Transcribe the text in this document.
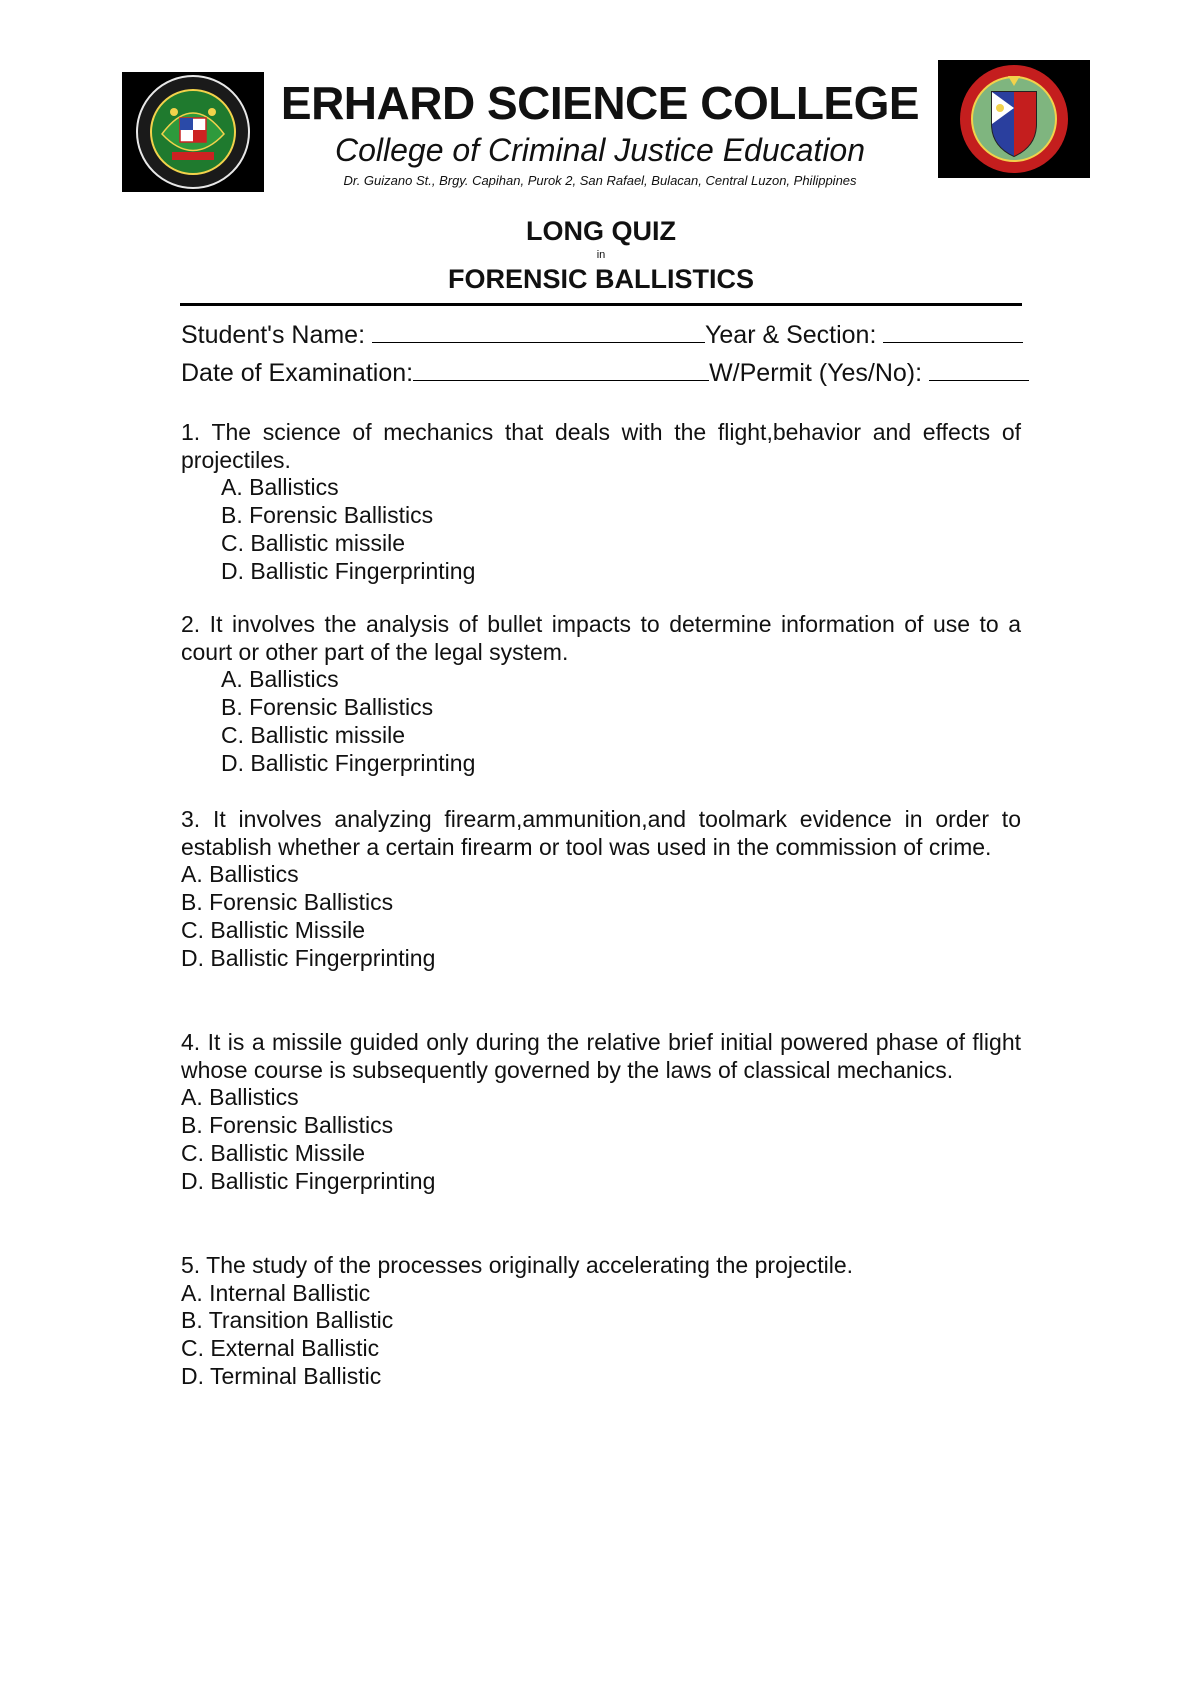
ERHARD SCIENCE COLLEGE
College of Criminal Justice Education
Dr. Guizano St., Brgy. Capihan, Purok 2, San Rafael, Bulacan, Central Luzon, Philippines
LONG QUIZ
in
FORENSIC BALLISTICS
Student's Name:	Year & Section:
Date of Examination:	W/Permit (Yes/No):
1. The science of mechanics that deals with the flight,behavior and effects of projectiles.
A. Ballistics
B. Forensic Ballistics
C. Ballistic missile
D. Ballistic Fingerprinting
2. It involves the analysis of bullet impacts to determine information of use to a court or other part of the legal system.
A. Ballistics
B. Forensic Ballistics
C. Ballistic missile
D. Ballistic Fingerprinting
3. It involves analyzing firearm,ammunition,and toolmark evidence in order to establish whether a certain firearm or tool was used in the commission of crime.
A. Ballistics
B. Forensic Ballistics
C. Ballistic Missile
D. Ballistic Fingerprinting
4. It is a missile guided only during the relative brief initial powered phase of flight whose course is subsequently governed by the laws of classical mechanics.
A. Ballistics
B. Forensic Ballistics
C. Ballistic Missile
D. Ballistic Fingerprinting
5. The study of the processes originally accelerating the projectile.
A. Internal Ballistic
B. Transition Ballistic
C. External Ballistic
D. Terminal Ballistic
